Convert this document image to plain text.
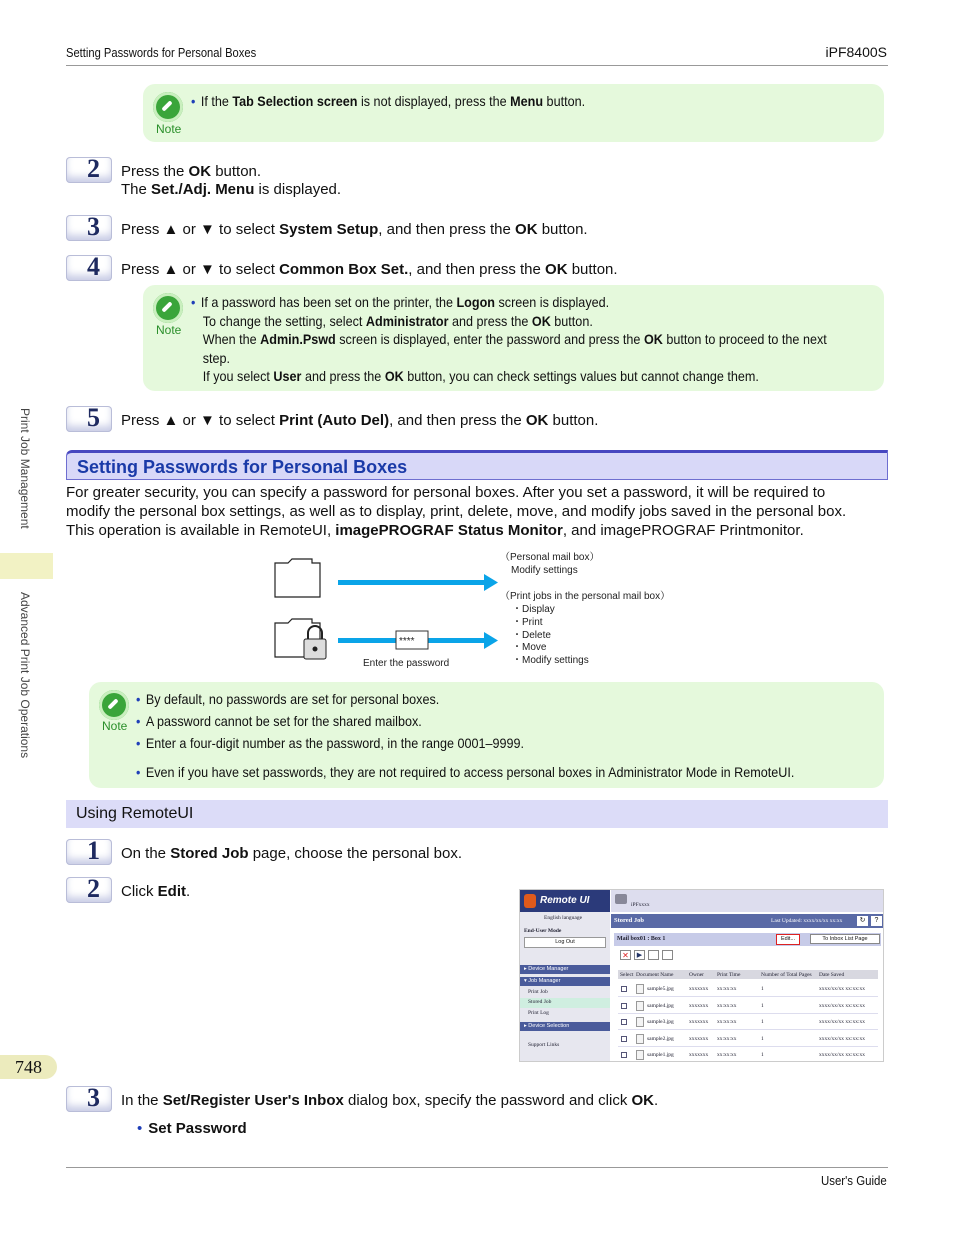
Setting Passwords for Personal Boxes	iPF8400S
Print Job Management
Advanced Print Job Operations
Note
• If the Tab Selection screen is not displayed, press the Menu button.
2 Press the OK button.
The Set./Adj. Menu is displayed.
3 Press ▲ or ▼ to select System Setup, and then press the OK button.
4 Press ▲ or ▼ to select Common Box Set., and then press the OK button.
Note
• If a password has been set on the printer, the Logon screen is displayed.
To change the setting, select Administrator and press the OK button.
When the Admin.Pswd screen is displayed, enter the password and press the OK button to proceed to the next
step.
If you select User and press the OK button, you can check settings values but cannot change them.
5 Press ▲ or ▼ to select Print (Auto Del), and then press the OK button.
Setting Passwords for Personal Boxes
For greater security, you can specify a password for personal boxes. After you set a password, it will be required to
modify the personal box settings, as well as to display, print, delete, move, and modify jobs saved in the personal box.
This operation is available in RemoteUI, imagePROGRAF Status Monitor, and imagePROGRAF Printmonitor.
****
Enter the password
（Personal mail box）
Modify settings
（Print jobs in the personal mail box）
・Display
・Print
・Delete
・Move
・Modify settings
Note
• By default, no passwords are set for personal boxes.
• A password cannot be set for the shared mailbox.
• Enter a four-digit number as the password, in the range 0001–9999.
• Even if you have set passwords, they are not required to access personal boxes in Administrator Mode in RemoteUI.
Using RemoteUI
1 On the Stored Job page, choose the personal box.
2 Click Edit.
Remote UI
English language
End-User Mode
Log Out
▸ Device Manager
▾ Job Manager
Print Job
Stored Job
Print Log
▸ Device Selection
Support Links
iPFxxxx
Stored Job	Last Updated: xxxx/xx/xx xx:xx	↻	?
Mail box01 : Box 1	Edit...	To Inbox List Page
✕	▶
Select Document Name	Owner Print Time	Number of Total Pages Date Saved
sample5.jpg	xxxxxxx xx:xx:xx	1	xxxx/xx/xx xx:xx:xx
sample4.jpg	xxxxxxx xx:xx:xx	1	xxxx/xx/xx xx:xx:xx
sample3.jpg	xxxxxxx xx:xx:xx	1	xxxx/xx/xx xx:xx:xx
sample2.jpg	xxxxxxx xx:xx:xx	1	xxxx/xx/xx xx:xx:xx
sample1.jpg	xxxxxxx xx:xx:xx	1	xxxx/xx/xx xx:xx:xx
748
3 In the Set/Register User's Inbox dialog box, specify the password and click OK.
• Set Password
User's Guide
